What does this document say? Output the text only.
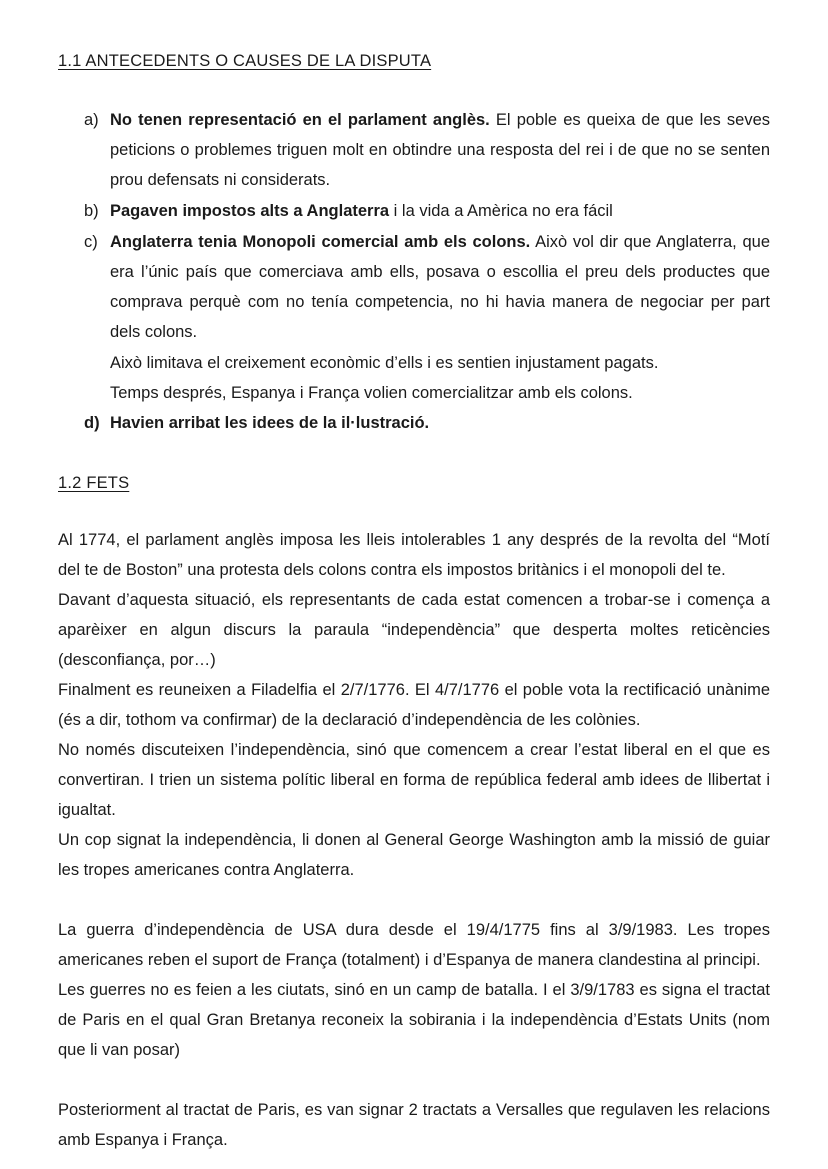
1.1 ANTECEDENTS O CAUSES DE LA DISPUTA
a) No tenen representació en el parlament anglès. El poble es queixa de que les seves peticions o problemes triguen molt en obtindre una resposta del rei i de que no se senten prou defensats ni considerats.
b) Pagaven impostos alts a Anglaterra i la vida a Amèrica no era fácil
c) Anglaterra tenia Monopoli comercial amb els colons. Això vol dir que Anglaterra, que era l’únic país que comerciava amb ells, posava o escollia el preu dels productes que comprava perquè com no tenía competencia, no hi havia manera de negociar per part dels colons.
Això limitava el creixement econòmic d’ells i es sentien injustament pagats.
Temps després, Espanya i França volien comercialitzar amb els colons.
d) Havien arribat les idees de la il·lustració.
1.2 FETS

Al 1774, el parlament anglès imposa les lleis intolerables 1 any després de la revolta del “Motí del te de Boston” una protesta dels colons contra els impostos britànics i el monopoli del te.

Davant d’aquesta situació, els representants de cada estat comencen a trobar-se i comença a aparèixer en algun discurs la paraula “independència” que desperta moltes reticències (desconfiança, por…)

Finalment es reuneixen a Filadelfia el 2/7/1776. El 4/7/1776 el poble vota la rectificació unànime (és a dir, tothom va confirmar) de la declaració d’independència de les colònies.

No només discuteixen l’independència, sinó que comencem a crear l’estat liberal en el que es convertiran. I trien un sistema polític liberal en forma de república federal amb idees de llibertat i igualtat.

Un cop signat la independència, li donen al General George Washington amb la missió de guiar les tropes americanes contra Anglaterra.

La guerra d’independència de USA dura desde el 19/4/1775 fins al 3/9/1983. Les tropes americanes reben el suport de França (totalment) i d’Espanya de manera clandestina al principi.

Les guerres no es feien a les ciutats, sinó en un camp de batalla. I el 3/9/1783 es signa el tractat de Paris en el qual Gran Bretanya reconeix la sobirania i la independència d’Estats Units (nom que li van posar)

Posteriorment al tractat de Paris, es van signar 2 tractats a Versalles que regulaven les relacions amb Espanya i França.
